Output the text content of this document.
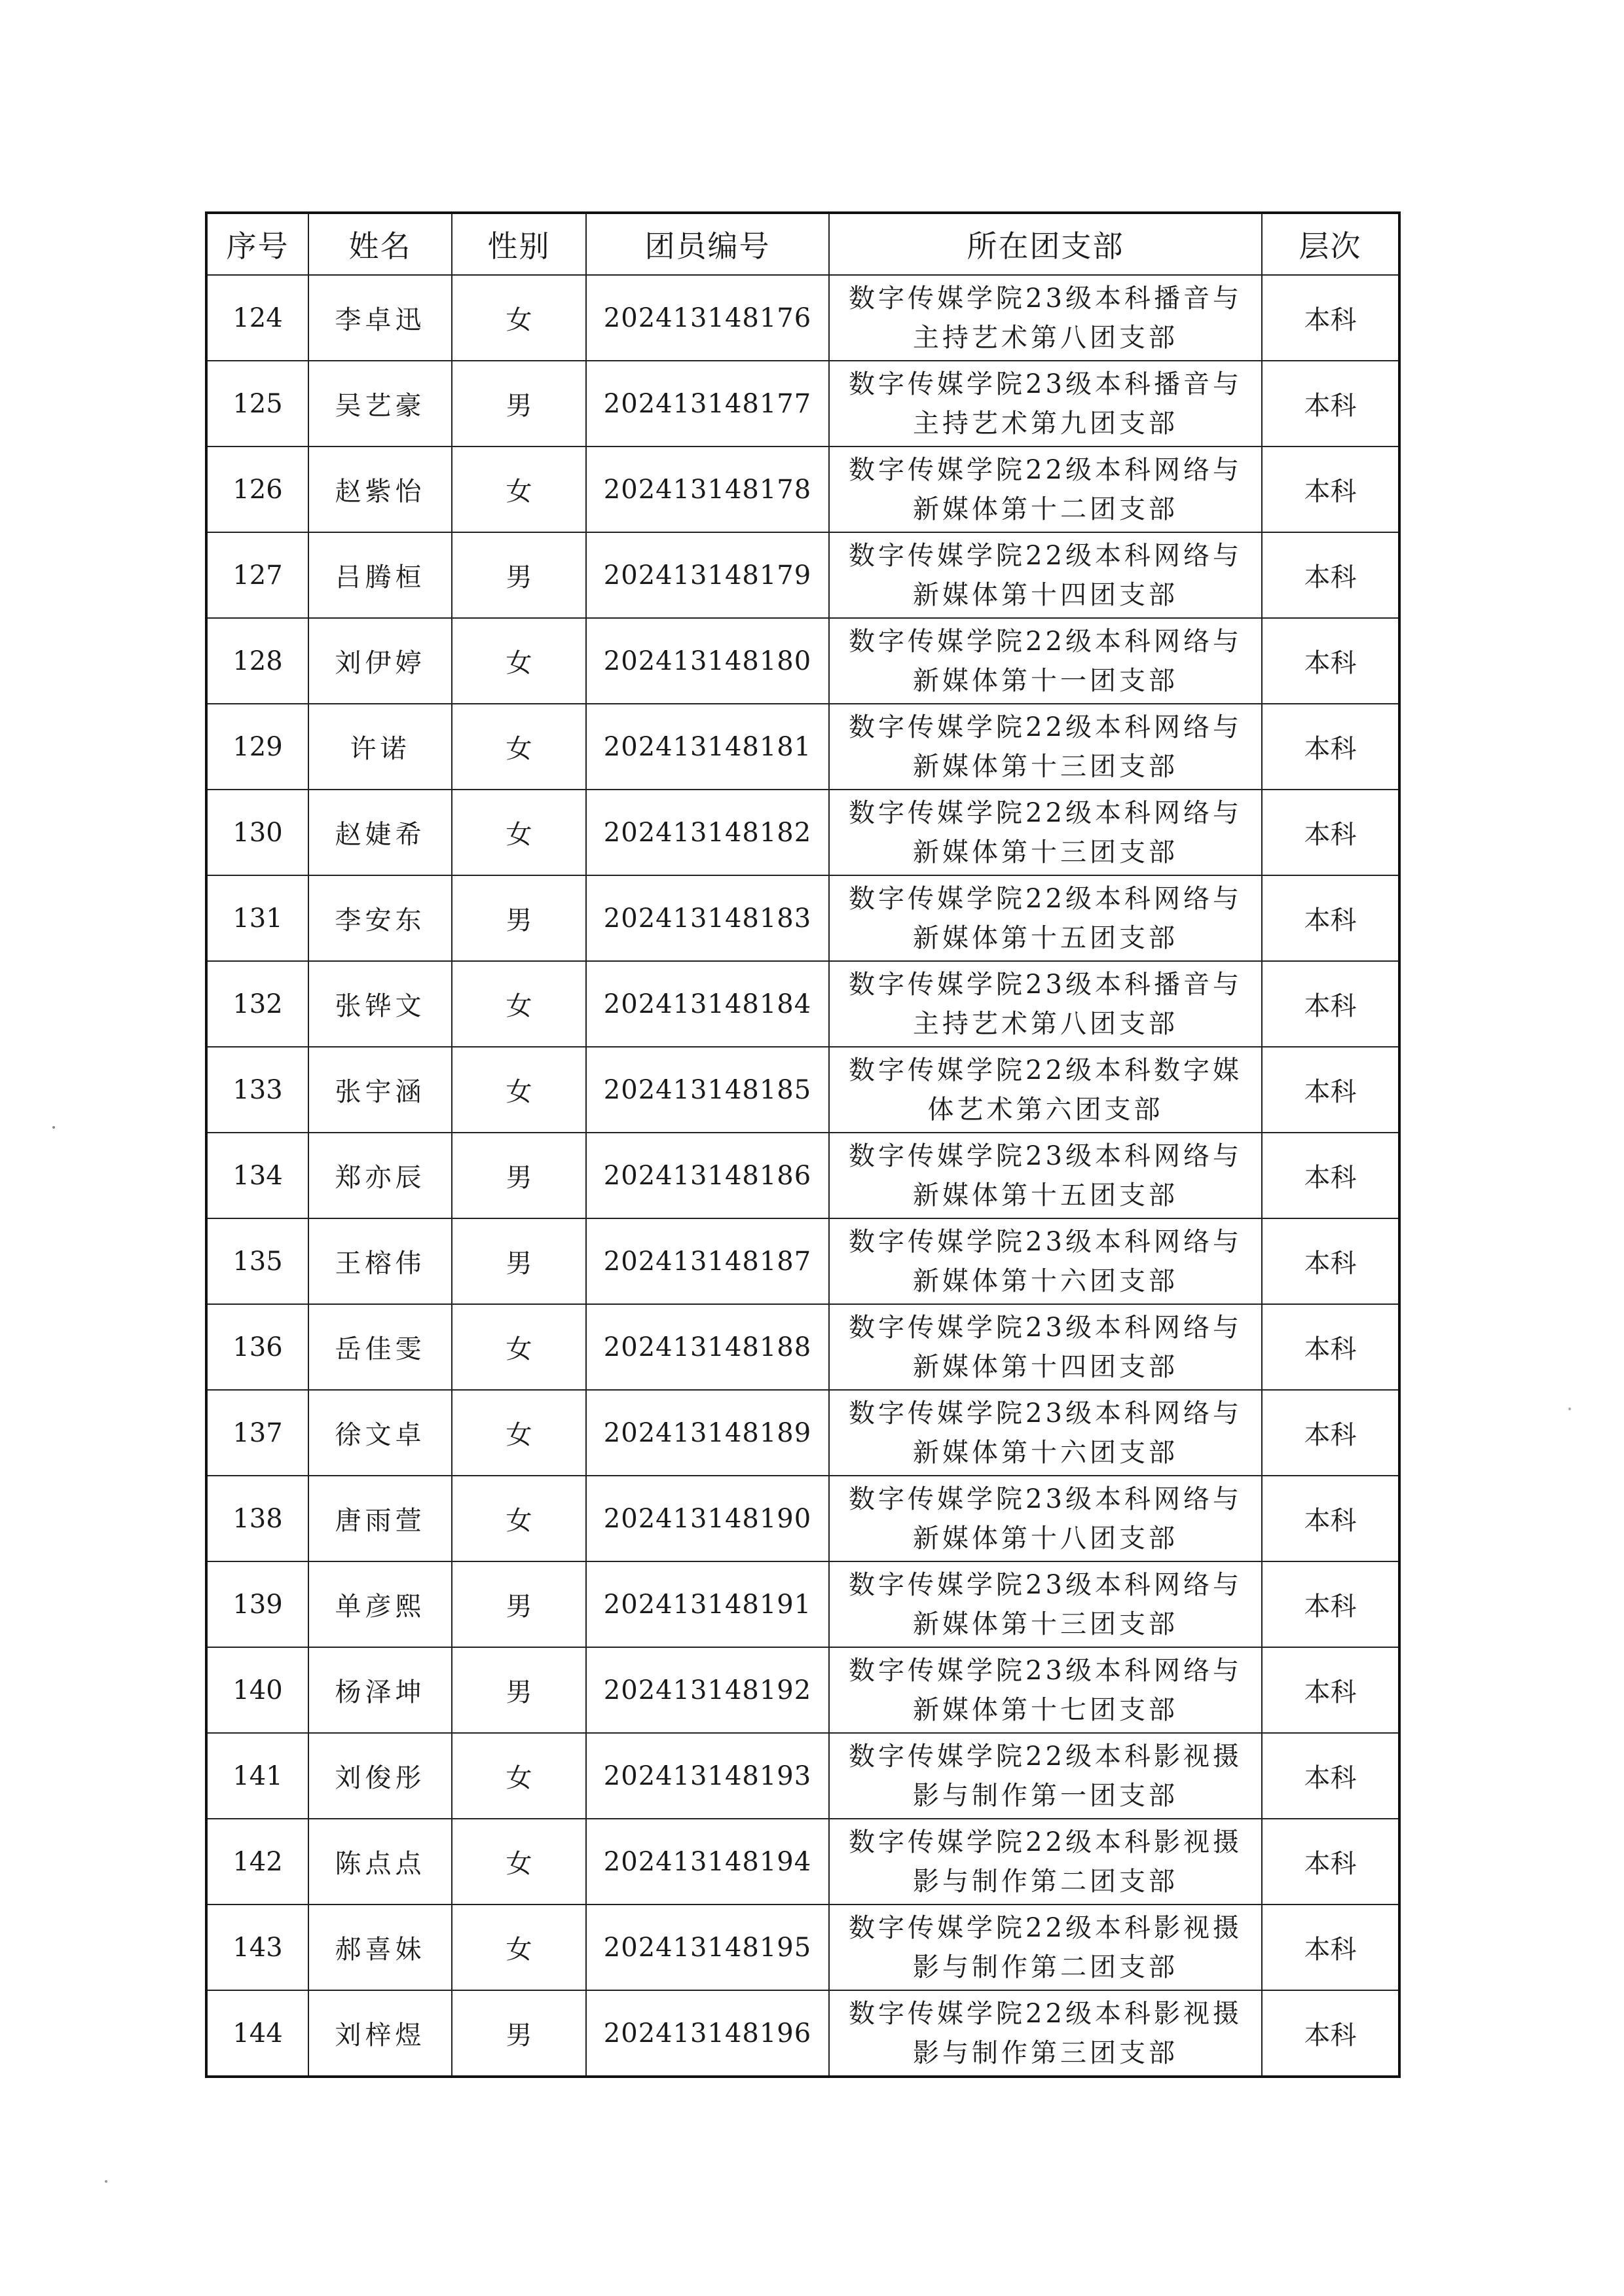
序号	姓名	性别	团员编号	所在团支部	层次
124	李卓迅	女	202413148176	数字传媒学院23级本科播音与主持艺术第八团支部	本科
125	吴艺豪	男	202413148177	数字传媒学院23级本科播音与主持艺术第九团支部	本科
126	赵紫怡	女	202413148178	数字传媒学院22级本科网络与新媒体第十二团支部	本科
127	吕腾桓	男	202413148179	数字传媒学院22级本科网络与新媒体第十四团支部	本科
128	刘伊婷	女	202413148180	数字传媒学院22级本科网络与新媒体第十一团支部	本科
129	许诺	女	202413148181	数字传媒学院22级本科网络与新媒体第十三团支部	本科
130	赵婕希	女	202413148182	数字传媒学院22级本科网络与新媒体第十三团支部	本科
131	李安东	男	202413148183	数字传媒学院22级本科网络与新媒体第十五团支部	本科
132	张铧文	女	202413148184	数字传媒学院23级本科播音与主持艺术第八团支部	本科
133	张宇涵	女	202413148185	数字传媒学院22级本科数字媒体艺术第六团支部	本科
134	郑亦辰	男	202413148186	数字传媒学院23级本科网络与新媒体第十五团支部	本科
135	王榕伟	男	202413148187	数字传媒学院23级本科网络与新媒体第十六团支部	本科
136	岳佳雯	女	202413148188	数字传媒学院23级本科网络与新媒体第十四团支部	本科
137	徐文卓	女	202413148189	数字传媒学院23级本科网络与新媒体第十六团支部	本科
138	唐雨萱	女	202413148190	数字传媒学院23级本科网络与新媒体第十八团支部	本科
139	单彦熙	男	202413148191	数字传媒学院23级本科网络与新媒体第十三团支部	本科
140	杨泽坤	男	202413148192	数字传媒学院23级本科网络与新媒体第十七团支部	本科
141	刘俊彤	女	202413148193	数字传媒学院22级本科影视摄影与制作第一团支部	本科
142	陈点点	女	202413148194	数字传媒学院22级本科影视摄影与制作第二团支部	本科
143	郝喜妹	女	202413148195	数字传媒学院22级本科影视摄影与制作第二团支部	本科
144	刘梓煜	男	202413148196	数字传媒学院22级本科影视摄影与制作第三团支部	本科
